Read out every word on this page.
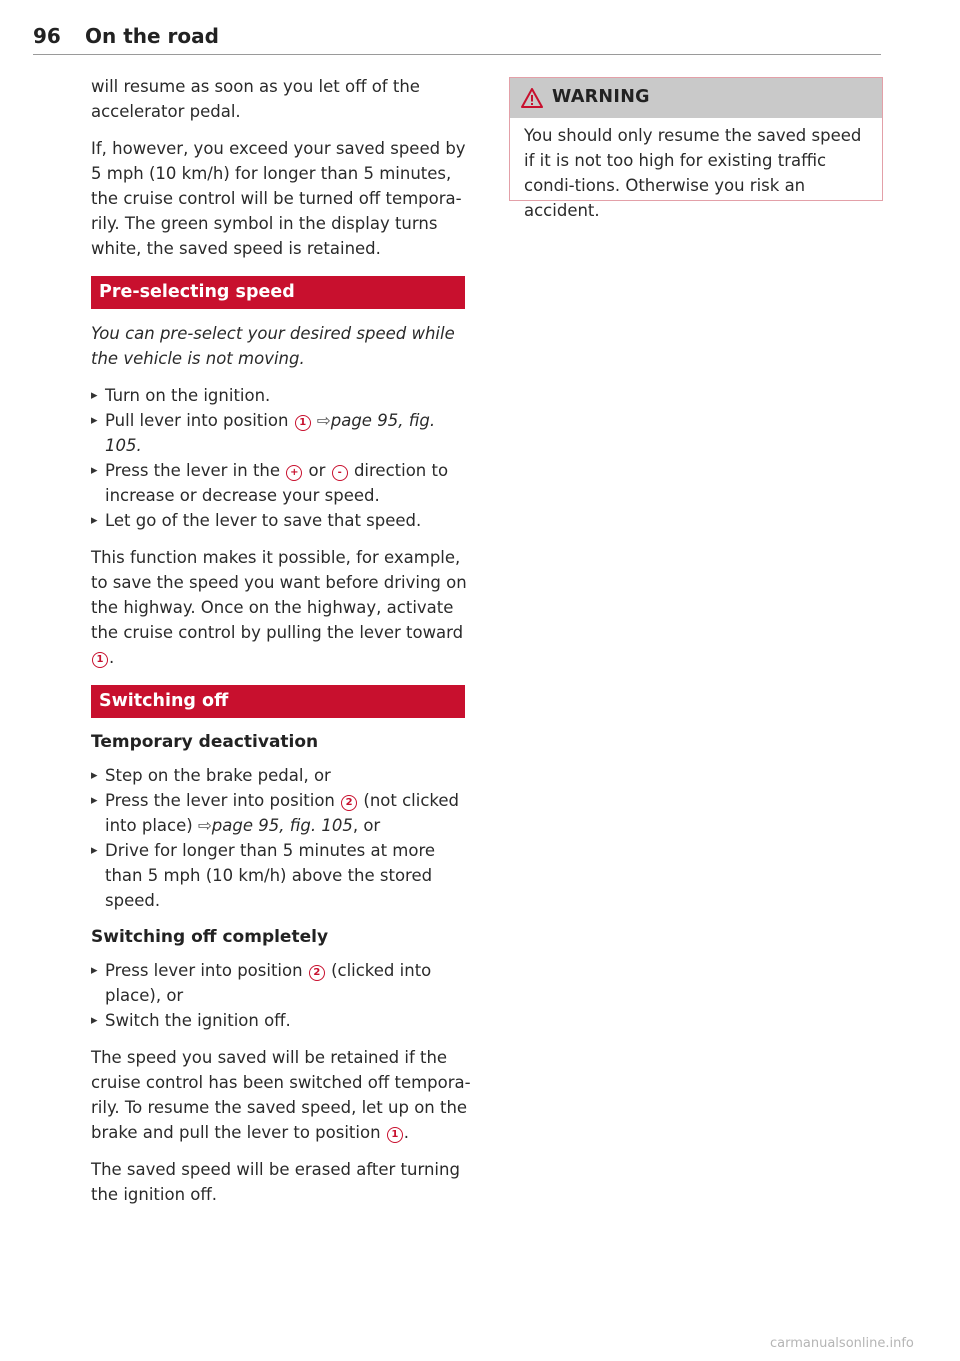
96 On the road

will resume as soon as you let off of the accelerator pedal.

If, however, you exceed your saved speed by 5 mph (10 km/h) for longer than 5 minutes, the cruise control will be turned off tempora-rily. The green symbol in the display turns white, the saved speed is retained.

Pre-selecting speed

You can pre-select your desired speed while the vehicle is not moving.

▸ Turn on the ignition.
▸ Pull lever into position 1 ⇨page 95, fig. 105.
▸ Press the lever in the + or - direction to increase or decrease your speed.
▸ Let go of the lever to save that speed.

This function makes it possible, for example, to save the speed you want before driving on the highway. Once on the highway, activate the cruise control by pulling the lever toward 1 .

Switching off
Temporary deactivation
▸ Step on the brake pedal, or
▸ Press the lever into position 2 (not clicked into place) ⇨page 95, fig. 105, or
▸ Drive for longer than 5 minutes at more than 5 mph (10 km/h) above the stored speed.
Switching off completely
▸ Press lever into position 2 (clicked into place), or
▸ Switch the ignition off.

The speed you saved will be retained if the cruise control has been switched off tempora-rily. To resume the saved speed, let up on the brake and pull the lever to position 1 .

The saved speed will be erased after turning the ignition off.

WARNING
You should only resume the saved speed if it is not too high for existing traffic condi-tions. Otherwise you risk an accident.
carmanualsonline.info
